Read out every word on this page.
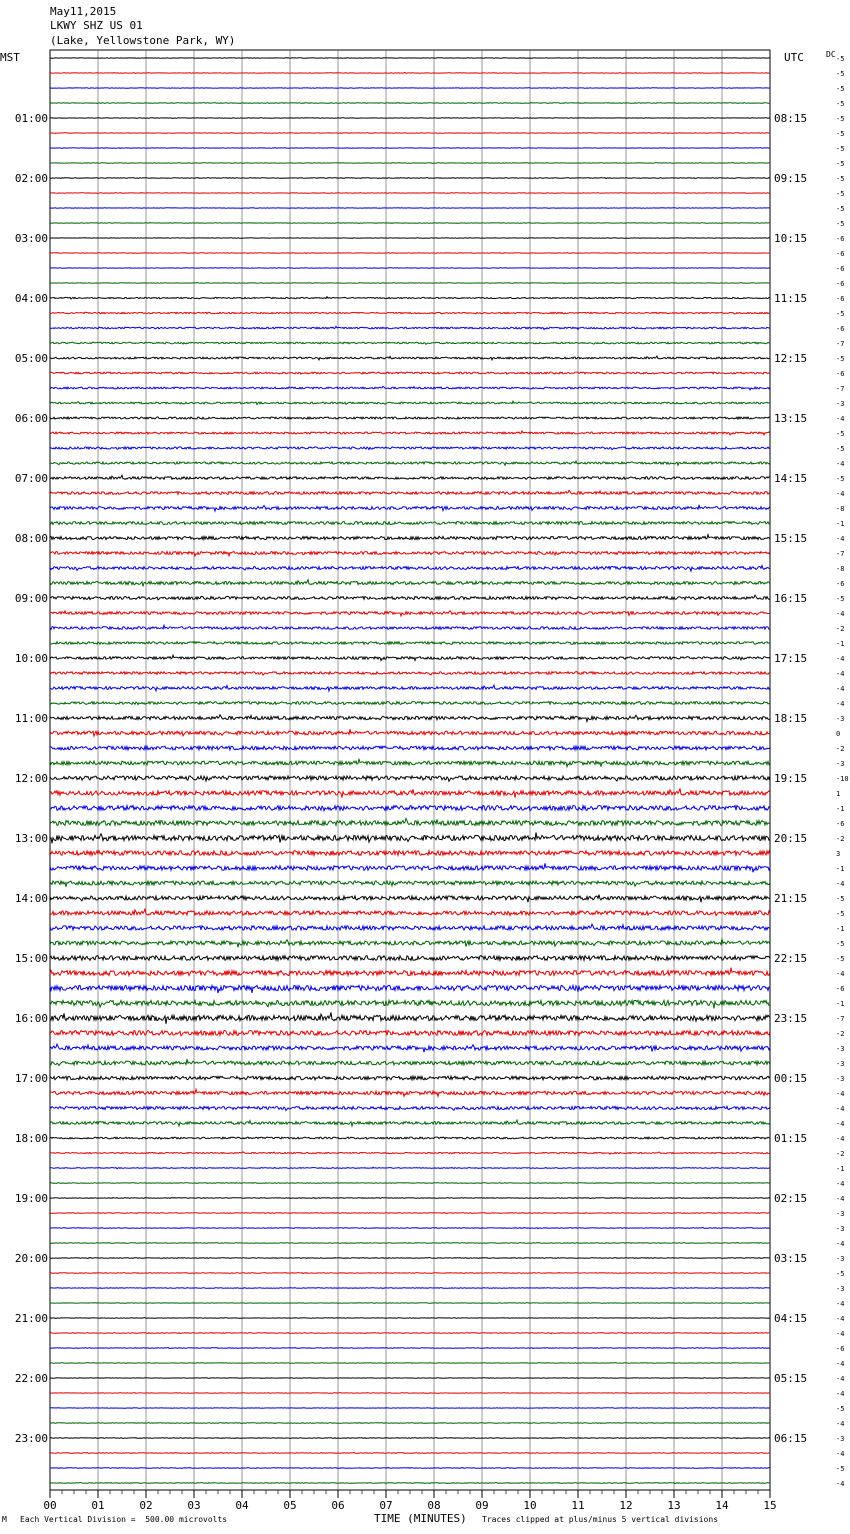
May11,2015
LKWY SHZ US 01
(Lake, Yellowstone Park, WY)
MST	UTC
00	01	02	03	04	05	06	07	08	09	10	11	12	13	14	15
-5
-5
-5
-5
-5
01:00	08:15
-5
-5
-5
-5
02:00	09:15
-5
-5
-5
-6
03:00	10:15
-6
-6
-6
-6
04:00	11:15
-5
-6
-7
-5
05:00	12:15
-6
-7
-3
-4
06:00	13:15
-5
-5
-4
-5
07:00	14:15
-4
-8
-1
-4
08:00	15:15
-7
-8
-6
-5
09:00	16:15
-4
-2
-1
-4
10:00	17:15
-4
-4
-4
-3
11:00	18:15
0
-2
-3
-10
12:00	19:15
1
-1
-6
-2
13:00	20:15
3
-1
-4
-5
14:00	21:15
-5
-1
-5
-5
15:00	22:15
-4
-6
-1
-7
16:00	23:15
-2
-3
-3
-3
17:00	00:15
-4
-4
-4
-4
18:00	01:15
-2
-1
-4
-4
19:00	02:15
-3
-3
-4
-3
20:00	03:15
-5
-3
-4
-4
21:00	04:15
-4
-6
-4
-4
22:00	05:15
-4
-5
-4
-3
23:00	06:15
-4
-5
-4
DC
TIME (MINUTES)
M Each Vertical Division =  500.00 microvolts	Traces clipped at plus/minus 5 vertical divisions
